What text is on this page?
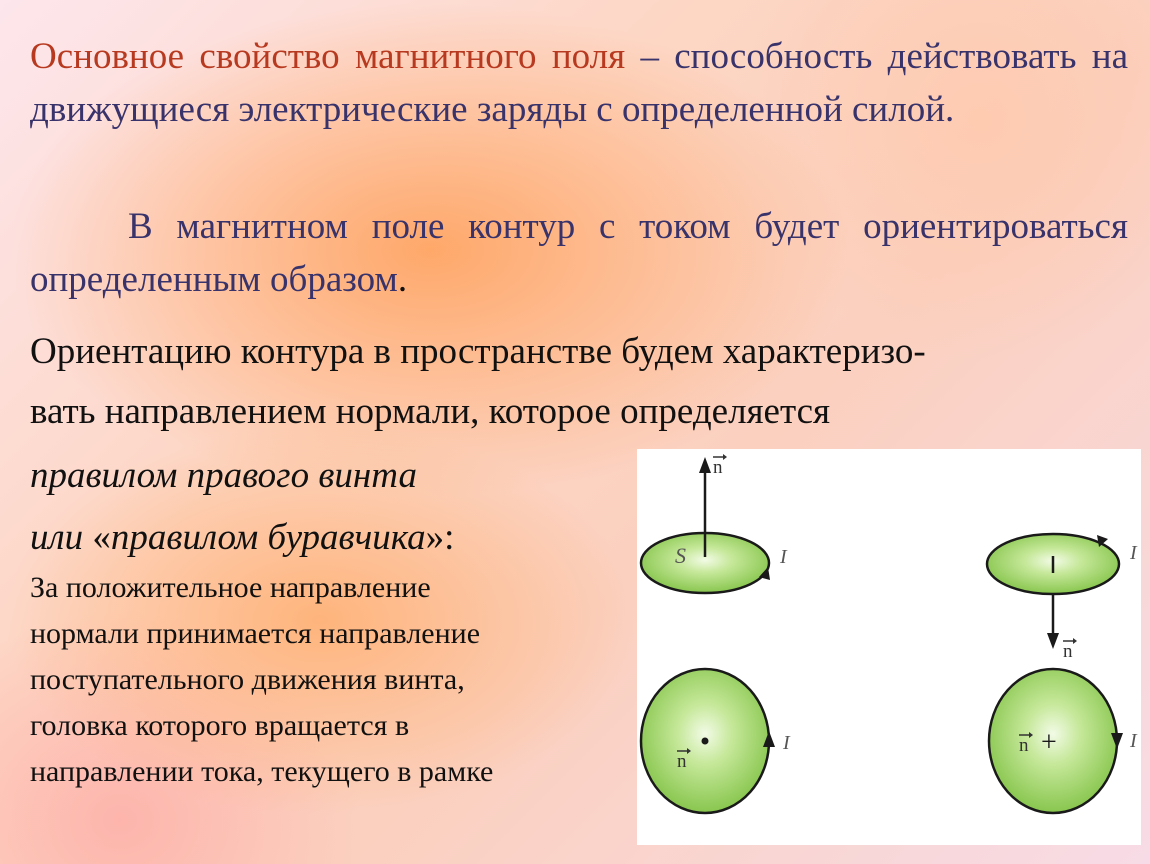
Основное свойство магнитного поля – способность действовать на движущиеся электрические заряды с определенной силой.

В магнитном поле контур с током будет ориентироваться определенным образом.

Ориентацию контура в пространстве будем характеризо-
вать направлением нормали, которое определяется
правилом правого винта
или «правилом буравчика»:
За положительное направление
нормали принимается направление
поступательного движения винта,
головка которого вращается в
направлении тока, текущего в рамке
S	I
n
I
n
n
I	n +	I
